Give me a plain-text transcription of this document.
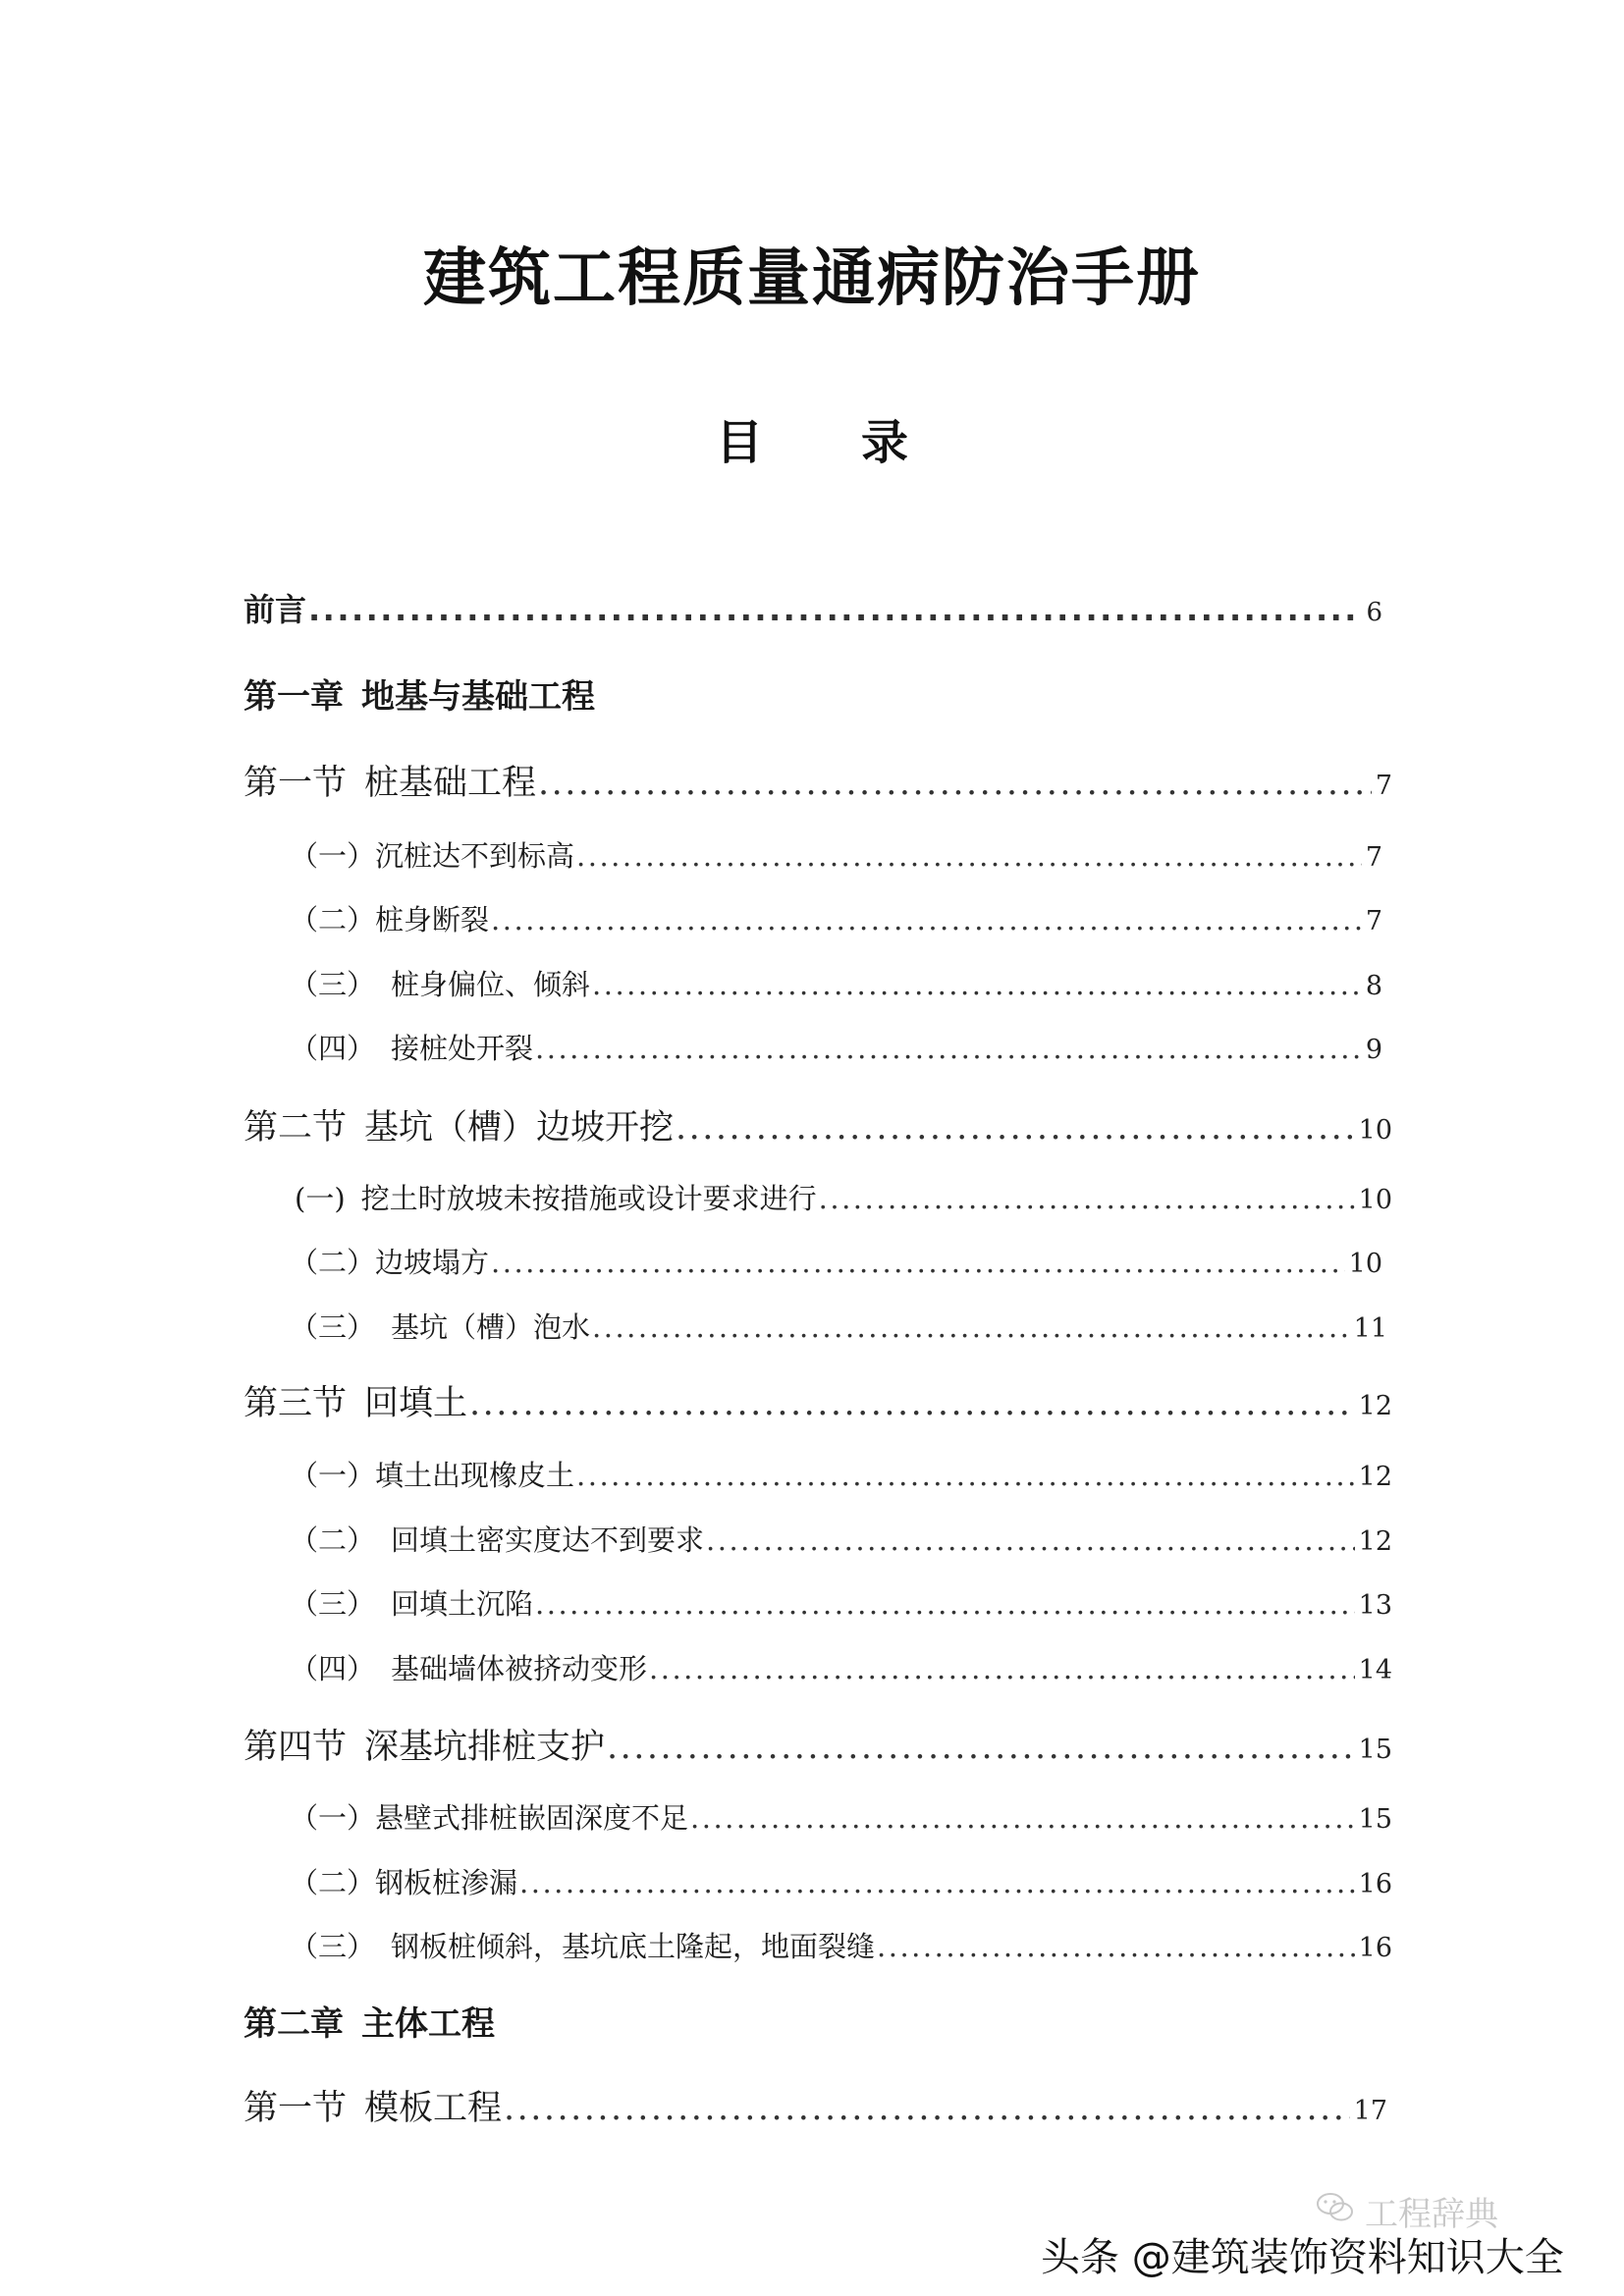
建筑工程质量通病防治手册
目 录
前言 .....	6
第一章 地基与基础工程
第一节 桩基础工程 .....	7
（一）沉桩达不到标高 .....	7
（二）桩身断裂 .....	7
（三） 桩身偏位、倾斜 .....	8
（四） 接桩处开裂 .....	9
第二节 基坑（槽）边坡开挖 .....	10
(一) 挖土时放坡未按措施或设计要求进行 .....	10
（二）边坡塌方 .....	10
（三） 基坑（槽）泡水 .....	11
第三节 回填土 .....	12
（一）填土出现橡皮土 .....	12
（二） 回填土密实度达不到要求 .....	12
（三） 回填土沉陷 .....	13
（四） 基础墙体被挤动变形 .....	14
第四节 深基坑排桩支护 .....	15
（一）悬壁式排桩嵌固深度不足 .....	15
（二）钢板桩渗漏 .....	16
（三） 钢板桩倾斜，基坑底土隆起，地面裂缝 .....	16
第二章 主体工程
第一节 模板工程 .....	17
工程辞典
头条 @建筑装饰资料知识大全
